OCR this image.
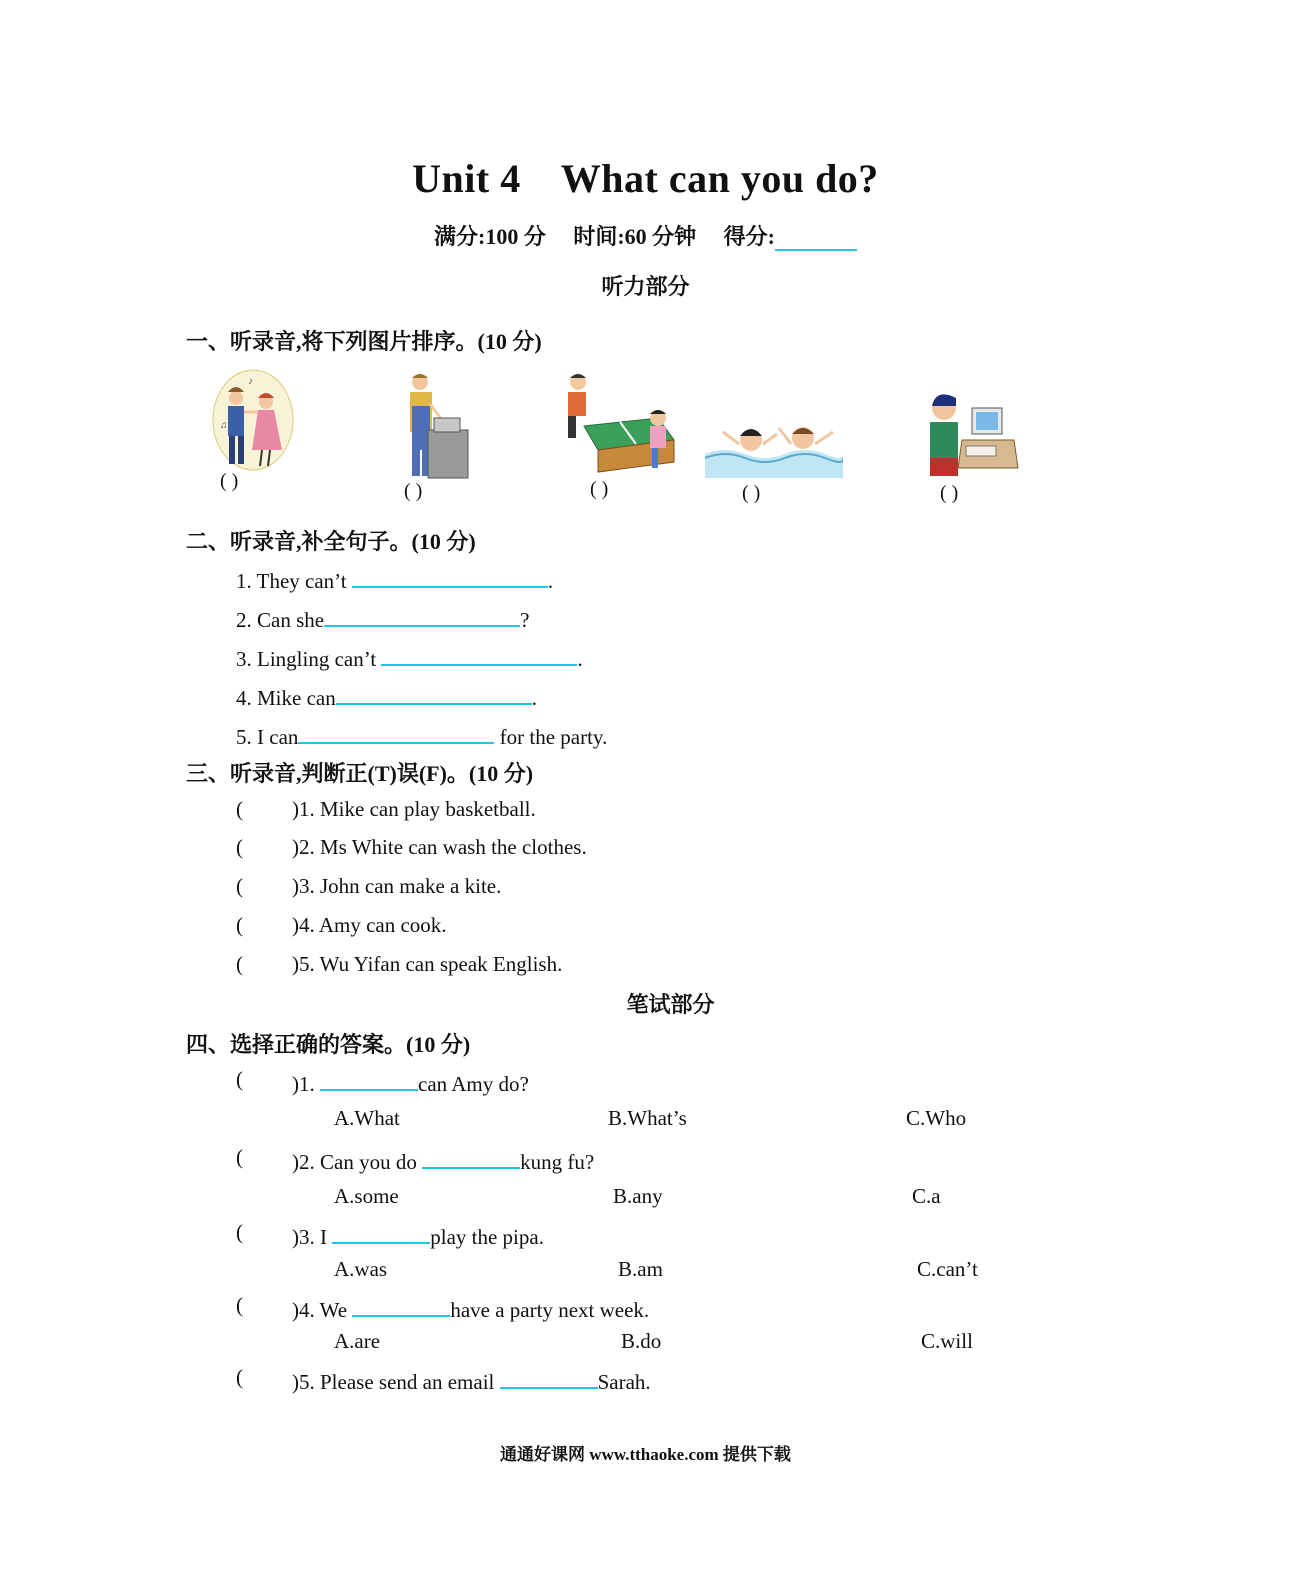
Unit 4 What can you do?
满分:100 分 时间:60 分钟 得分:
听力部分
一、听录音,将下列图片排序。(10 分)
♪
♫
( )	( )	( )	( )	( )
二、听录音,补全句子。(10 分)
1. They can’t	.
2. Can she	?
3. Lingling can’t	.
4. Mike can	.
5. I can	for the party.
三、听录音,判断正(T)误(F)。(10 分)
( )1. Mike can play basketball.
( )2. Ms White can wash the clothes.
( )3. John can make a kite.
( )4. Amy can cook.
( )5. Wu Yifan can speak English.
笔试部分
四、选择正确的答案。(10 分)
( )1.	can Amy do?
A.What	B.What’s	C.Who
( )2. Can you do	kung fu?
A.some	B.any	C.a
( )3. I	play the pipa.
A.was	B.am	C.can’t
( )4. We	have a party next week.
A.are	B.do	C.will
( )5. Please send an email	Sarah.
通通好课网 www.tthaoke.com 提供下载
